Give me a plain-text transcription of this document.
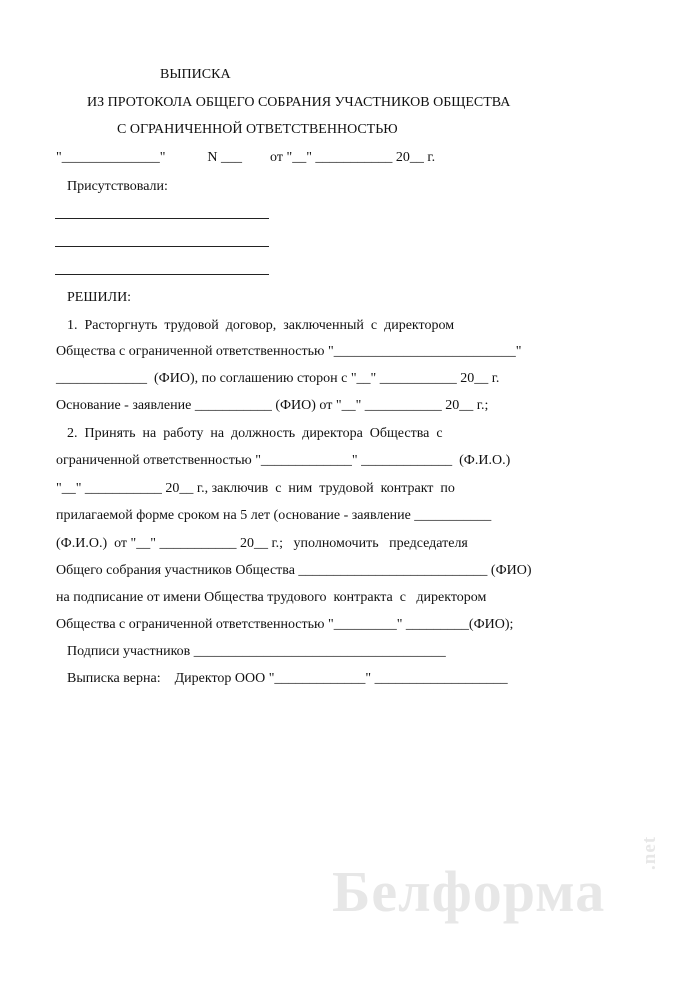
ВЫПИСКА
ИЗ ПРОТОКОЛА ОБЩЕГО СОБРАНИЯ УЧАСТНИКОВ ОБЩЕСТВА
С ОГРАНИЧЕННОЙ ОТВЕТСТВЕННОСТЬЮ
"______________"            N ___        от "__" ___________ 20__ г.
Присутствовали:
РЕШИЛИ:
1.  Расторгнуть  трудовой  договор,  заключенный  с  директором
Общества с ограниченной ответственностью "__________________________"
_____________  (ФИО), по соглашению сторон с "__" ___________ 20__ г.
Основание - заявление ___________ (ФИО) от "__" ___________ 20__ г.;
2.  Принять  на  работу  на  должность  директора  Общества  с
ограниченной ответственностью "_____________" _____________  (Ф.И.О.)
"__" ___________ 20__ г., заключив  с  ним  трудовой  контракт  по
прилагаемой форме сроком на 5 лет (основание - заявление ___________
(Ф.И.О.)  от "__" ___________ 20__ г.;   уполномочить   председателя
Общего собрания участников Общества ___________________________ (ФИО)
на подписание от имени Общества трудового  контракта  с   директором
Общества с ограниченной ответственностью "_________" _________(ФИО);
Подписи участников ____________________________________
Выписка верна:    Директор ООО "_____________" ___________________
Белформа
.net
